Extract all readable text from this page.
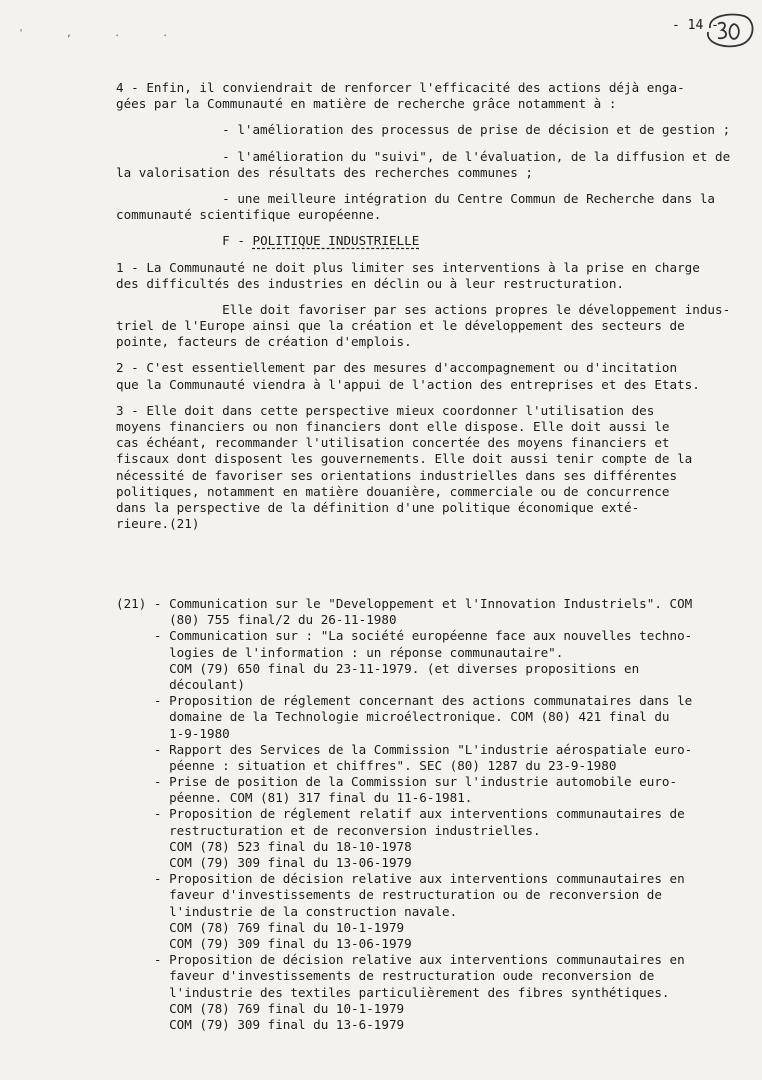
' , . .
- 14 -
4 - Enfin, il conviendrait de renforcer l'efficacité des actions déjà enga-
gées par la Communauté en matière de recherche grâce notamment à :
- l'amélioration des processus de prise de décision et de gestion ;
- l'amélioration du "suivi", de l'évaluation, de la diffusion et de
la valorisation des résultats des recherches communes ;
- une meilleure intégration du Centre Commun de Recherche dans la
communauté scientifique européenne.
F - POLITIQUE INDUSTRIELLE
1 - La Communauté ne doit plus limiter ses interventions à la prise en charge
des difficultés des industries en déclin ou à leur restructuration.
Elle doit favoriser par ses actions propres le développement indus-
triel de l'Europe ainsi que la création et le développement des secteurs de
pointe, facteurs de création d'emplois.
2 - C'est essentiellement par des mesures d'accompagnement ou d'incitation
que la Communauté viendra à l'appui de l'action des entreprises et des Etats.
3 - Elle doit dans cette perspective mieux coordonner l'utilisation des
moyens financiers ou non financiers dont elle dispose. Elle doit aussi le
cas échéant, recommander l'utilisation concertée des moyens financiers et
fiscaux dont disposent les gouvernements. Elle doit aussi tenir compte de la
nécessité de favoriser ses orientations industrielles dans ses différentes
politiques, notamment en matière douanière, commerciale ou de concurrence
dans la perspective de la définition d'une politique économique exté-
rieure.(21)
(21) - Communication sur le "Developpement et l'Innovation Industriels". COM
(80) 755 final/2 du 26-11-1980
- Communication sur : "La société européenne face aux nouvelles techno-
logies de l'information : un réponse communautaire".
COM (79) 650 final du 23-11-1979. (et diverses propositions en
découlant)
- Proposition de réglement concernant des actions communataires dans le
domaine de la Technologie microélectronique. COM (80) 421 final du
1-9-1980
- Rapport des Services de la Commission "L'industrie aérospatiale euro-
péenne : situation et chiffres". SEC (80) 1287 du 23-9-1980
- Prise de position de la Commission sur l'industrie automobile euro-
péenne. COM (81) 317 final du 11-6-1981.
- Proposition de réglement relatif aux interventions communautaires de
restructuration et de reconversion industrielles.
COM (78) 523 final du 18-10-1978
COM (79) 309 final du 13-06-1979
- Proposition de décision relative aux interventions communautaires en
faveur d'investissements de restructuration ou de reconversion de
l'industrie de la construction navale.
COM (78) 769 final du 10-1-1979
COM (79) 309 final du 13-06-1979
- Proposition de décision relative aux interventions communautaires en
faveur d'investissements de restructuration oude reconversion de
l'industrie des textiles particulièrement des fibres synthétiques.
COM (78) 769 final du 10-1-1979
COM (79) 309 final du 13-6-1979
